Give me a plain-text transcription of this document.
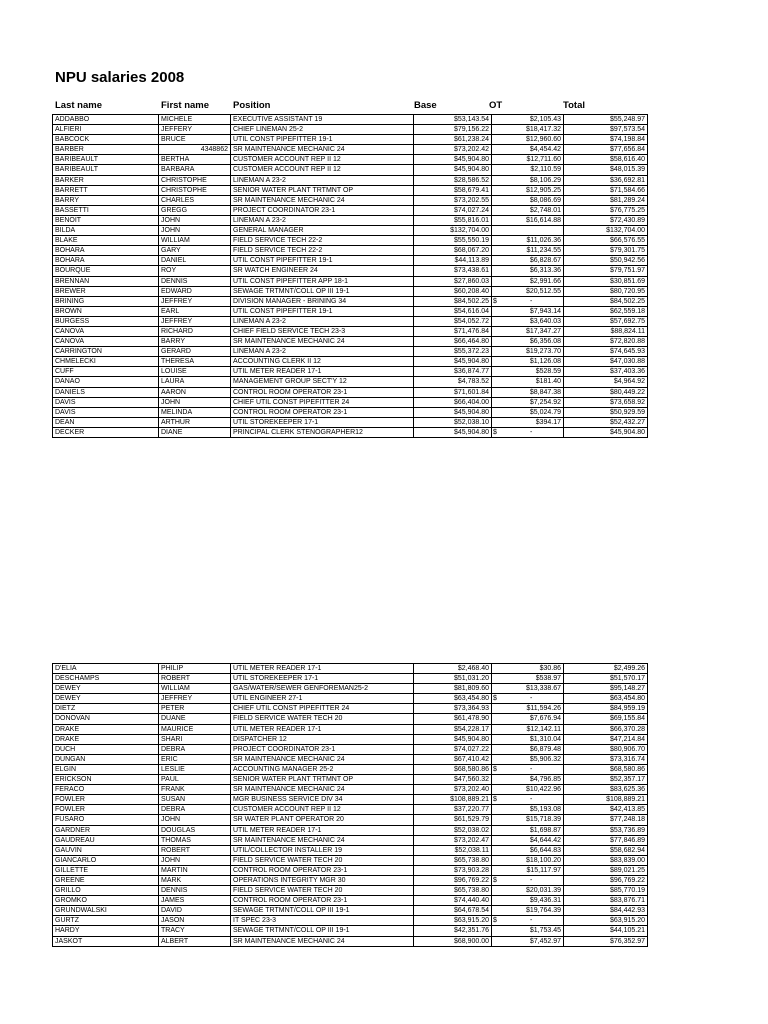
NPU salaries 2008
Last name	First name	Position	Base	OT	Total
ADDABBO	MICHELE	EXECUTIVE ASSISTANT 19	$53,143.54	$2,105.43	$55,248.97
ALFIERI	JEFFERY	CHIEF LINEMAN 25-2	$79,156.22	$18,417.32	$97,573.54
BABCOCK	BRUCE	UTIL CONST PIPEFITTER 19-1	$61,238.24	$12,960.60	$74,198.84
BARBER	4348862	SR MAINTENANCE MECHANIC 24	$73,202.42	$4,454.42	$77,656.84
BARIBEAULT	BERTHA	CUSTOMER ACCOUNT REP II 12	$45,904.80	$12,711.60	$58,616.40
BARIBEAULT	BARBARA	CUSTOMER ACCOUNT REP II 12	$45,904.80	$2,110.59	$48,015.39
BARKER	CHRISTOPHE	LINEMAN A 23-2	$28,586.52	$8,106.29	$36,692.81
BARRETT	CHRISTOPHE	SENIOR WATER PLANT TRTMNT OP	$58,679.41	$12,905.25	$71,584.66
BARRY	CHARLES	SR MAINTENANCE MECHANIC 24	$73,202.55	$8,086.69	$81,289.24
BASSETTI	GREGG	PROJECT COORDINATOR 23-1	$74,027.24	$2,748.01	$76,775.25
BENOIT	JOHN	LINEMAN A 23-2	$55,816.01	$16,614.88	$72,430.89
BILDA	JOHN	GENERAL MANAGER	$132,704.00		$132,704.00
BLAKE	WILLIAM	FIELD SERVICE TECH 22-2	$55,550.19	$11,026.36	$66,576.55
BOHARA	GARY	FIELD SERVICE TECH 22-2	$68,067.20	$11,234.55	$79,301.75
BOHARA	DANIEL	UTIL CONST PIPEFITTER 19-1	$44,113.89	$6,828.67	$50,942.56
BOURQUE	ROY	SR WATCH ENGINEER 24	$73,438.61	$6,313.36	$79,751.97
BRENNAN	DENNIS	UTIL CONST PIPEFITTER APP 18-1	$27,860.03	$2,991.66	$30,851.69
BREWER	EDWARD	SEWAGE TRTMNT/COLL OP III 19-1	$60,208.40	$20,512.55	$80,720.95
BRINING	JEFFREY	DIVISION MANAGER - BRINING 34	$84,502.25	$ -	$84,502.25
BROWN	EARL	UTIL CONST PIPEFITTER 19-1	$54,616.04	$7,943.14	$62,559.18
BURGESS	JEFFREY	LINEMAN A 23-2	$54,052.72	$3,640.03	$57,692.75
CANOVA	RICHARD	CHIEF FIELD SERVICE TECH 23-3	$71,476.84	$17,347.27	$88,824.11
CANOVA	BARRY	SR MAINTENANCE MECHANIC 24	$66,464.80	$6,356.08	$72,820.88
CARRINGTON	GERARD	LINEMAN A 23-2	$55,372.23	$19,273.70	$74,645.93
CHMELECKI	THERESA	ACCOUNTING CLERK II 12	$45,904.80	$1,126.08	$47,030.88
CUFF	LOUISE	UTIL METER READER 17-1	$36,874.77	$528.59	$37,403.36
DANAO	LAURA	MANAGEMENT GROUP SECT'Y 12	$4,783.52	$181.40	$4,964.92
DANIELS	AARON	CONTROL ROOM OPERATOR 23-1	$71,601.84	$8,847.38	$80,449.22
DAVIS	JOHN	CHIEF UTIL CONST PIPEFITTER 24	$66,404.00	$7,254.92	$73,658.92
DAVIS	MELINDA	CONTROL ROOM OPERATOR 23-1	$45,904.80	$5,024.79	$50,929.59
DEAN	ARTHUR	UTIL STOREKEEPER 17-1	$52,038.10	$394.17	$52,432.27
DECKER	DIANE	PRINCIPAL CLERK STENOGRAPHER12	$45,904.80	$ -	$45,904.80
D'ELIA	PHILIP	UTIL METER READER 17-1	$2,468.40	$30.86	$2,499.26
DESCHAMPS	ROBERT	UTIL STOREKEEPER 17-1	$51,031.20	$538.97	$51,570.17
DEWEY	WILLIAM	GAS/WATER/SEWER GENFOREMAN25-2	$81,809.60	$13,338.67	$95,148.27
DEWEY	JEFFREY	UTIL ENGINEER 27-1	$63,454.80	$ -	$63,454.80
DIETZ	PETER	CHIEF UTIL CONST PIPEFITTER 24	$73,364.93	$11,594.26	$84,959.19
DONOVAN	DUANE	FIELD SERVICE WATER TECH 20	$61,478.90	$7,676.94	$69,155.84
DRAKE	MAURICE	UTIL METER READER 17-1	$54,228.17	$12,142.11	$66,370.28
DRAKE	SHARI	DISPATCHER 12	$45,904.80	$1,310.04	$47,214.84
DUCH	DEBRA	PROJECT COORDINATOR 23-1	$74,027.22	$6,879.48	$80,906.70
DUNGAN	ERIC	SR MAINTENANCE MECHANIC 24	$67,410.42	$5,906.32	$73,316.74
ELGIN	LESLIE	ACCOUNTING MANAGER 25-2	$68,580.86	$ -	$68,580.86
ERICKSON	PAUL	SENIOR WATER PLANT TRTMNT OP	$47,560.32	$4,796.85	$52,357.17
FERACO	FRANK	SR MAINTENANCE MECHANIC 24	$73,202.40	$10,422.96	$83,625.36
FOWLER	SUSAN	MGR BUSINESS SERVICE DIV 34	$108,889.21	$ -	$108,889.21
FOWLER	DEBRA	CUSTOMER ACCOUNT REP II 12	$37,220.77	$5,193.08	$42,413.85
FUSARO	JOHN	SR WATER PLANT OPERATOR 20	$61,529.79	$15,718.39	$77,248.18
GARDNER	DOUGLAS	UTIL METER READER 17-1	$52,038.02	$1,698.87	$53,736.89
GAUDREAU	THOMAS	SR MAINTENANCE MECHANIC 24	$73,202.47	$4,644.42	$77,846.89
GAUVIN	ROBERT	UTIL/COLLECTOR INSTALLER 19	$52,038.11	$6,644.83	$58,682.94
GIANCARLO	JOHN	FIELD SERVICE WATER TECH 20	$65,738.80	$18,100.20	$83,839.00
GILLETTE	MARTIN	CONTROL ROOM OPERATOR 23-1	$73,903.28	$15,117.97	$89,021.25
GREENE	MARK	OPERATIONS INTEGRITY MGR 30	$96,769.22	$ -	$96,769.22
GRILLO	DENNIS	FIELD SERVICE WATER TECH 20	$65,738.80	$20,031.39	$85,770.19
GROMKO	JAMES	CONTROL ROOM OPERATOR 23-1	$74,440.40	$9,436.31	$83,876.71
GRUNDWALSKI	DAVID	SEWAGE TRTMNT/COLL OP III 19-1	$64,678.54	$19,764.39	$84,442.93
GURTZ	JASON	IT SPEC 23-3	$63,915.20	$ -	$63,915.20
HARDY	TRACY	SEWAGE TRTMNT/COLL OP III 19-1	$42,351.76	$1,753.45	$44,105.21
JASKOT	ALBERT	SR MAINTENANCE MECHANIC 24	$68,900.00	$7,452.97	$76,352.97
